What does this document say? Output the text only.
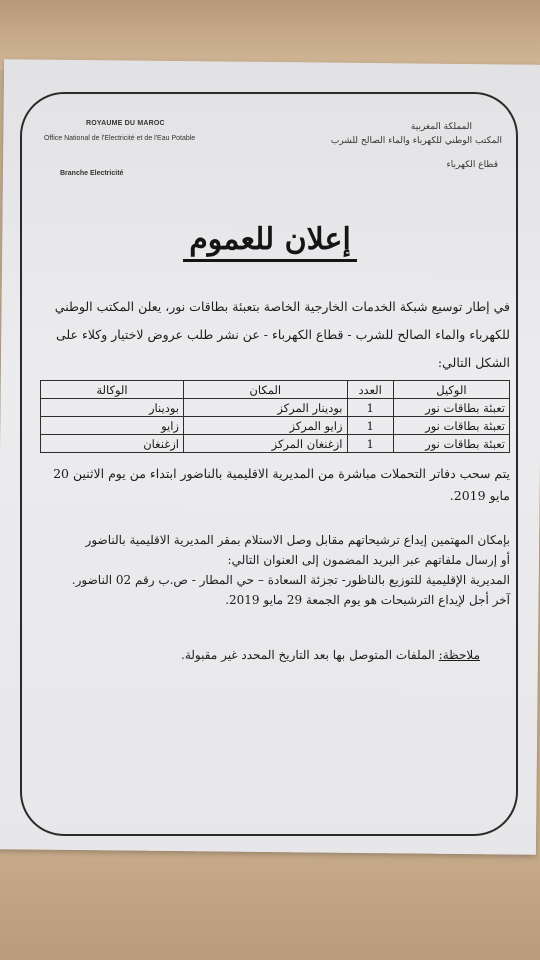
ROYAUME DU MAROC
Office National de l'Electricité et de l'Eau Potable
Branche Electricité
المملكة المغربية
المكتب الوطني للكهرباء والماء الصالح للشرب
قطاع الكهرباء
إعلان للعموم
في إطار توسيع شبكة الخدمات الخارجية الخاصة بتعبئة بطاقات نور، يعلن المكتب الوطني للكهرباء والماء الصالح للشرب - قطاع الكهرباء - عن نشر طلب عروض لاختيار وكلاء على الشكل التالي:
الوكيل	العدد	المكان	الوكالة
تعبئة بطاقات نور	1	بودينار المركز	بودينار
تعبئة بطاقات نور	1	زايو المركز	زايو
تعبئة بطاقات نور	1	ازغنغان المركز	ازغنغان
يتم سحب دفاتر التحملات مباشرة من المديرية الاقليمية بالناضور ابتداء من يوم الاثنين 20 مايو 2019.
بإمكان المهتمين إيداع ترشيحاتهم مقابل وصل الاستلام بمقر المديرية الاقليمية بالناضور
أو إرسال ملفاتهم عبر البريد المضمون إلى العنوان التالي:
المديرية الإقليمية للتوزيع بالناظور- تجزئة السعادة – حي المطار - ص.ب رقم 02 الناضور.
آخر أجل لإيداع الترشيحات هو يوم الجمعة 29 مايو 2019.
ملاحظة: الملفات المتوصل بها بعد التاريخ المحدد غير مقبولة.
